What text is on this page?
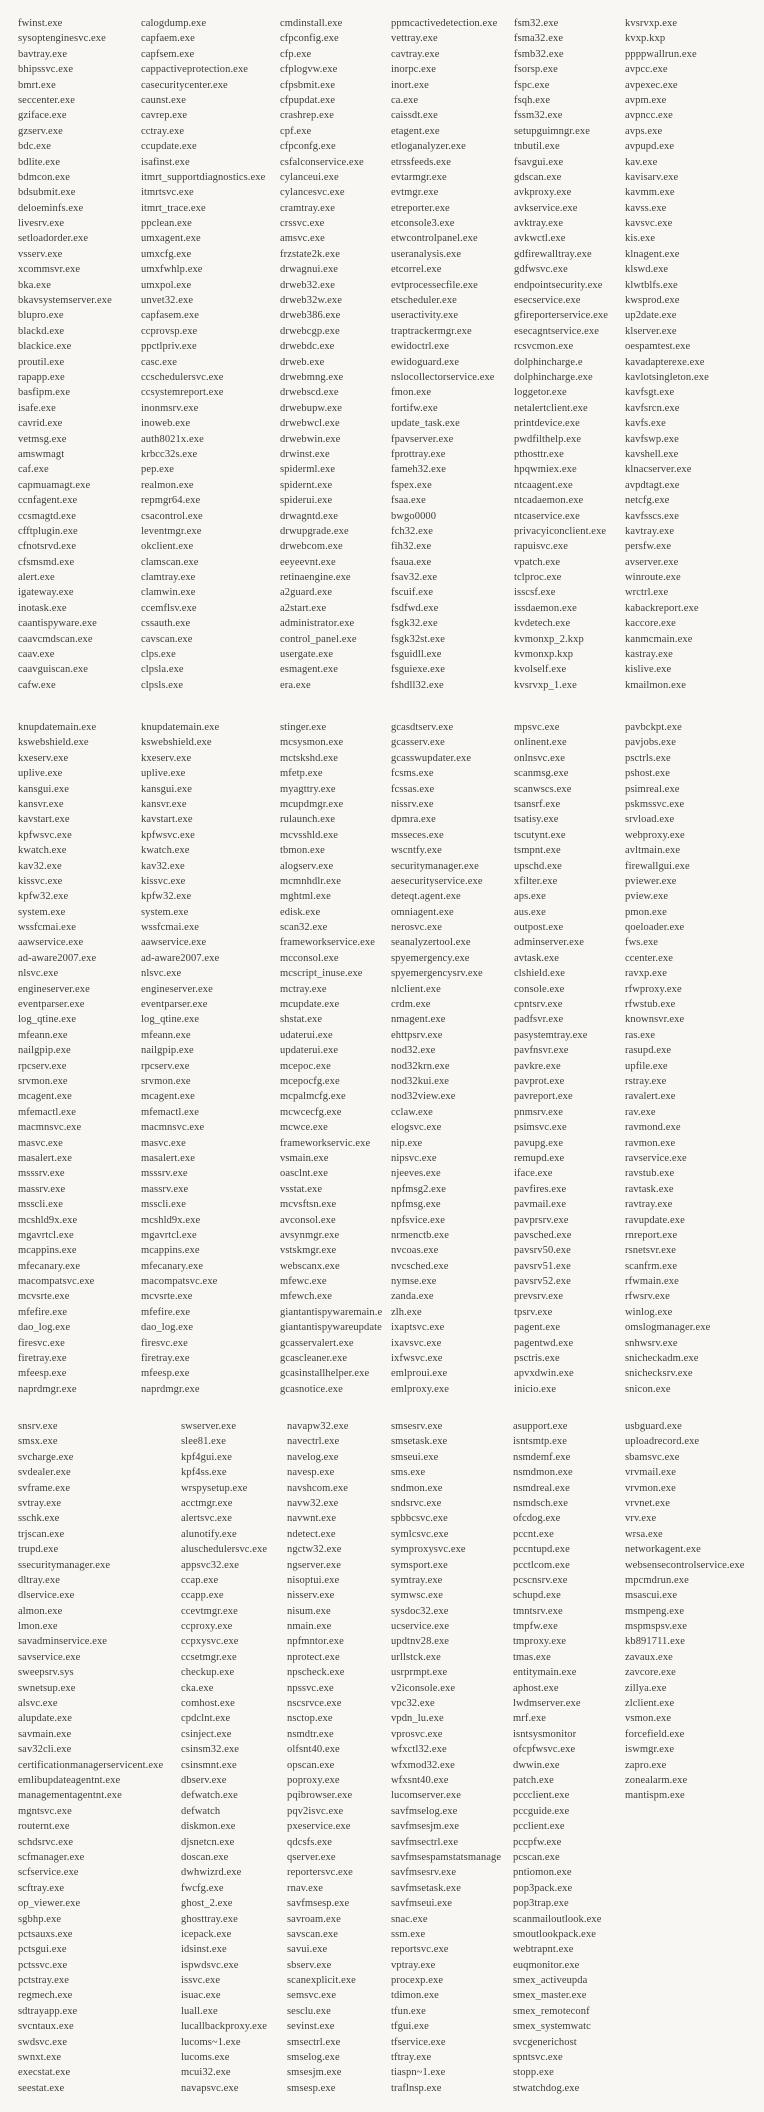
fwinst.exe
sysoptenginesvc.exe
bavtray.exe
bhipssvc.exe
bmrt.exe
seccenter.exe
gziface.exe
gzserv.exe
bdc.exe
bdlite.exe
bdmcon.exe
bdsubmit.exe
deloeminfs.exe
livesrv.exe
setloadorder.exe
vsserv.exe
xcommsvr.exe
bka.exe
bkavsystemserver.exe
blupro.exe
blackd.exe
blackice.exe
proutil.exe
rapapp.exe
basfipm.exe
isafe.exe
cavrid.exe
vetmsg.exe
amswmagt
caf.exe
capmuamagt.exe
ccnfagent.exe
ccsmagtd.exe
cfftplugin.exe
cfnotsrvd.exe
cfsmsmd.exe
alert.exe
igateway.exe
inotask.exe
caantispyware.exe
caavcmdscan.exe
caav.exe
caavguiscan.exe
cafw.exe
calogdump.exe
capfaem.exe
capfsem.exe
cappactiveprotection.exe
casecuritycenter.exe
caunst.exe
cavrep.exe
cctray.exe
ccupdate.exe
isafinst.exe
itmrt_supportdiagnostics.exe
itmrtsvc.exe
itmrt_trace.exe
ppclean.exe
umxagent.exe
umxcfg.exe
umxfwhlp.exe
umxpol.exe
unvet32.exe
capfasem.exe
ccprovsp.exe
ppctlpriv.exe
casc.exe
ccschedulersvc.exe
ccsystemreport.exe
inonmsrv.exe
inoweb.exe
auth8021x.exe
krbcc32s.exe
pep.exe
realmon.exe
repmgr64.exe
csacontrol.exe
leventmgr.exe
okclient.exe
clamscan.exe
clamtray.exe
clamwin.exe
ccemflsv.exe
cssauth.exe
cavscan.exe
clps.exe
clpsla.exe
clpsls.exe
cmdinstall.exe
cfpconfig.exe
cfp.exe
cfplogvw.exe
cfpsbmit.exe
cfpupdat.exe
crashrep.exe
cpf.exe
cfpconfg.exe
csfalconservice.exe
cylanceui.exe
cylancesvc.exe
cramtray.exe
crssvc.exe
amsvc.exe
frzstate2k.exe
drwagnui.exe
drweb32.exe
drweb32w.exe
drweb386.exe
drwebcgp.exe
drwebdc.exe
drweb.exe
drwebmng.exe
drwebscd.exe
drwebupw.exe
drwebwcl.exe
drwebwin.exe
drwinst.exe
spiderml.exe
spidernt.exe
spiderui.exe
drwagntd.exe
drwupgrade.exe
drwebcom.exe
eeyeevnt.exe
retinaengine.exe
a2guard.exe
a2start.exe
administrator.exe
control_panel.exe
usergate.exe
esmagent.exe
era.exe
ppmcactivedetection.exe
vettray.exe
cavtray.exe
inorpc.exe
inort.exe
ca.exe
caissdt.exe
etagent.exe
etloganalyzer.exe
etrssfeeds.exe
evtarmgr.exe
evtmgr.exe
etreporter.exe
etconsole3.exe
etwcontrolpanel.exe
useranalysis.exe
etcorrel.exe
evtprocessecfile.exe
etscheduler.exe
useractivity.exe
traptrackermgr.exe
ewidoctrl.exe
ewidoguard.exe
nslocollectorservice.exe
fmon.exe
fortifw.exe
update_task.exe
fpavserver.exe
fprottray.exe
fameh32.exe
fspex.exe
fsaa.exe
bwgo0000
fch32.exe
fih32.exe
fsaua.exe
fsav32.exe
fscuif.exe
fsdfwd.exe
fsgk32.exe
fsgk32st.exe
fsguidll.exe
fsguiexe.exe
fshdll32.exe
fsm32.exe
fsma32.exe
fsmb32.exe
fsorsp.exe
fspc.exe
fsqh.exe
fssm32.exe
setupguimngr.exe
tnbutil.exe
fsavgui.exe
gdscan.exe
avkproxy.exe
avkservice.exe
avktray.exe
avkwctl.exe
gdfirewalltray.exe
gdfwsvc.exe
endpointsecurity.exe
esecservice.exe
gfireporterservice.exe
esecagntservice.exe
rcsvcmon.exe
dolphincharge.e
dolphincharge.exe
loggetor.exe
netalertclient.exe
printdevice.exe
pwdfilthelp.exe
pthosttr.exe
hpqwmiex.exe
ntcaagent.exe
ntcadaemon.exe
ntcaservice.exe
privacyiconclient.exe
rapuisvc.exe
vpatch.exe
tclproc.exe
isscsf.exe
issdaemon.exe
kvdetech.exe
kvmonxp_2.kxp
kvmonxp.kxp
kvolself.exe
kvsrvxp_1.exe
kvsrvxp.exe
kvxp.kxp
ppppwallrun.exe
avpcc.exe
avpexec.exe
avpm.exe
avpncc.exe
avps.exe
avpupd.exe
kav.exe
kavisarv.exe
kavmm.exe
kavss.exe
kavsvc.exe
kis.exe
klnagent.exe
klswd.exe
klwtblfs.exe
kwsprod.exe
up2date.exe
klserver.exe
oespamtest.exe
kavadapterexe.exe
kavlotsingleton.exe
kavfsgt.exe
kavfsrcn.exe
kavfs.exe
kavfswp.exe
kavshell.exe
klnacserver.exe
avpdtagt.exe
netcfg.exe
kavfsscs.exe
kavtray.exe
persfw.exe
avserver.exe
winroute.exe
wrctrl.exe
kabackreport.exe
kaccore.exe
kanmcmain.exe
kastray.exe
kislive.exe
kmailmon.exe
knupdatemain.exe
kswebshield.exe
kxeserv.exe
uplive.exe
kansgui.exe
kansvr.exe
kavstart.exe
kpfwsvc.exe
kwatch.exe
kav32.exe
kissvc.exe
kpfw32.exe
system.exe
wssfcmai.exe
aawservice.exe
ad-aware2007.exe
nlsvc.exe
engineserver.exe
eventparser.exe
log_qtine.exe
mfeann.exe
nailgpip.exe
rpcserv.exe
srvmon.exe
mcagent.exe
mfemactl.exe
macmnsvc.exe
masvc.exe
masalert.exe
msssrv.exe
massrv.exe
msscli.exe
mcshld9x.exe
mgavrtcl.exe
mcappins.exe
mfecanary.exe
macompatsvc.exe
mcvsrte.exe
mfefire.exe
dao_log.exe
firesvc.exe
firetray.exe
mfeesp.exe
naprdmgr.exe
knupdatemain.exe
kswebshield.exe
kxeserv.exe
uplive.exe
kansgui.exe
kansvr.exe
kavstart.exe
kpfwsvc.exe
kwatch.exe
kav32.exe
kissvc.exe
kpfw32.exe
system.exe
wssfcmai.exe
aawservice.exe
ad-aware2007.exe
nlsvc.exe
engineserver.exe
eventparser.exe
log_qtine.exe
mfeann.exe
nailgpip.exe
rpcserv.exe
srvmon.exe
mcagent.exe
mfemactl.exe
macmnsvc.exe
masvc.exe
masalert.exe
msssrv.exe
massrv.exe
msscli.exe
mcshld9x.exe
mgavrtcl.exe
mcappins.exe
mfecanary.exe
macompatsvc.exe
mcvsrte.exe
mfefire.exe
dao_log.exe
firesvc.exe
firetray.exe
mfeesp.exe
naprdmgr.exe
stinger.exe
mcsysmon.exe
mctskshd.exe
mfetp.exe
myagttry.exe
mcupdmgr.exe
rulaunch.exe
mcvsshld.exe
tbmon.exe
alogserv.exe
mcmnhdlr.exe
mghtml.exe
edisk.exe
scan32.exe
frameworkservice.exe
mcconsol.exe
mcscript_inuse.exe
mctray.exe
mcupdate.exe
shstat.exe
udaterui.exe
updaterui.exe
mcepoc.exe
mcepocfg.exe
mcpalmcfg.exe
mcwcecfg.exe
mcwce.exe
frameworkservic.exe
vsmain.exe
oasclnt.exe
vsstat.exe
mcvsftsn.exe
avconsol.exe
avsynmgr.exe
vstskmgr.exe
webscanx.exe
mfewc.exe
mfewch.exe
giantantispywaremain.e
giantantispywareupdate
gcasservalert.exe
gcascleaner.exe
gcasinstallhelper.exe
gcasnotice.exe
gcasdtserv.exe
gcasserv.exe
gcasswupdater.exe
fcsms.exe
fcssas.exe
nissrv.exe
dpmra.exe
msseces.exe
wscntfy.exe
securitymanager.exe
aesecurityservice.exe
deteqt.agent.exe
omniagent.exe
nerosvc.exe
seanalyzertool.exe
spyemergency.exe
spyemergencysrv.exe
nlclient.exe
crdm.exe
nmagent.exe
ehttpsrv.exe
nod32.exe
nod32krn.exe
nod32kui.exe
nod32view.exe
cclaw.exe
elogsvc.exe
nip.exe
nipsvc.exe
njeeves.exe
npfmsg2.exe
npfmsg.exe
npfsvice.exe
nrmenctb.exe
nvcoas.exe
nvcsched.exe
nymse.exe
zanda.exe
zlh.exe
ixaptsvc.exe
ixavsvc.exe
ixfwsvc.exe
emlproui.exe
emlproxy.exe
mpsvc.exe
onlinent.exe
onlnsvc.exe
scanmsg.exe
scanwscs.exe
tsansrf.exe
tsatisy.exe
tscutynt.exe
tsmpnt.exe
upschd.exe
xfilter.exe
aps.exe
aus.exe
outpost.exe
adminserver.exe
avtask.exe
clshield.exe
console.exe
cpntsrv.exe
padfsvr.exe
pasystemtray.exe
pavfnsvr.exe
pavkre.exe
pavprot.exe
pavreport.exe
pnmsrv.exe
psimsvc.exe
pavupg.exe
remupd.exe
iface.exe
pavfires.exe
pavmail.exe
pavprsrv.exe
pavsched.exe
pavsrv50.exe
pavsrv51.exe
pavsrv52.exe
prevsrv.exe
tpsrv.exe
pagent.exe
pagentwd.exe
psctris.exe
apvxdwin.exe
inicio.exe
pavbckpt.exe
pavjobs.exe
psctrls.exe
pshost.exe
psimreal.exe
pskmssvc.exe
srvload.exe
webproxy.exe
avltmain.exe
firewallgui.exe
pviewer.exe
pview.exe
pmon.exe
qoeloader.exe
fws.exe
ccenter.exe
ravxp.exe
rfwproxy.exe
rfwstub.exe
knownsvr.exe
ras.exe
rasupd.exe
upfile.exe
rstray.exe
ravalert.exe
rav.exe
ravmond.exe
ravmon.exe
ravservice.exe
ravstub.exe
ravtask.exe
ravtray.exe
ravupdate.exe
rnreport.exe
rsnetsvr.exe
scanfrm.exe
rfwmain.exe
rfwsrv.exe
winlog.exe
omslogmanager.exe
snhwsrv.exe
snicheckadm.exe
snichecksrv.exe
snicon.exe
snsrv.exe
smsx.exe
svcharge.exe
svdealer.exe
svframe.exe
svtray.exe
sschk.exe
trjscan.exe
trupd.exe
ssecuritymanager.exe
dltray.exe
dlservice.exe
almon.exe
lmon.exe
savadminservice.exe
savservice.exe
sweepsrv.sys
swnetsup.exe
alsvc.exe
alupdate.exe
savmain.exe
sav32cli.exe
certificationmanagerservicent.exe
emlibupdateagentnt.exe
managementagentnt.exe
mgntsvc.exe
routernt.exe
schdsrvc.exe
scfmanager.exe
scfservice.exe
scftray.exe
op_viewer.exe
sgbhp.exe
pctsauxs.exe
pctsgui.exe
pctssvc.exe
pctstray.exe
regmech.exe
sdtrayapp.exe
svcntaux.exe
swdsvc.exe
swnxt.exe
execstat.exe
seestat.exe
swserver.exe
slee81.exe
kpf4gui.exe
kpf4ss.exe
wrspysetup.exe
acctmgr.exe
alertsvc.exe
alunotify.exe
aluschedulersvc.exe
appsvc32.exe
ccap.exe
ccapp.exe
ccevtmgr.exe
ccproxy.exe
ccpxysvc.exe
ccsetmgr.exe
checkup.exe
cka.exe
comhost.exe
cpdclnt.exe
csinject.exe
csinsm32.exe
csinsmnt.exe
dbserv.exe
defwatch.exe
defwatch
diskmon.exe
djsnetcn.exe
doscan.exe
dwhwizrd.exe
fwcfg.exe
ghost_2.exe
ghosttray.exe
icepack.exe
idsinst.exe
ispwdsvc.exe
issvc.exe
isuac.exe
luall.exe
lucallbackproxy.exe
lucoms~1.exe
lucoms.exe
mcui32.exe
navapsvc.exe
navapw32.exe
navectrl.exe
navelog.exe
navesp.exe
navshcom.exe
navw32.exe
navwnt.exe
ndetect.exe
ngctw32.exe
ngserver.exe
nisoptui.exe
nisserv.exe
nisum.exe
nmain.exe
npfmntor.exe
nprotect.exe
npscheck.exe
npssvc.exe
nscsrvce.exe
nsctop.exe
nsmdtr.exe
olfsnt40.exe
opscan.exe
poproxy.exe
pqibrowser.exe
pqv2isvc.exe
pxeservice.exe
qdcsfs.exe
qserver.exe
reportersvc.exe
rnav.exe
savfmsesp.exe
savroam.exe
savscan.exe
savui.exe
sbserv.exe
scanexplicit.exe
semsvc.exe
sesclu.exe
sevinst.exe
smsectrl.exe
smselog.exe
smsesjm.exe
smsesp.exe
smsesrv.exe
smsetask.exe
smseui.exe
sms.exe
sndmon.exe
sndsrvc.exe
spbbcsvc.exe
symlcsvc.exe
symproxysvc.exe
symsport.exe
symtray.exe
symwsc.exe
sysdoc32.exe
ucservice.exe
updtnv28.exe
urllstck.exe
usrprmpt.exe
v2iconsole.exe
vpc32.exe
vpdn_lu.exe
vprosvc.exe
wfxctl32.exe
wfxmod32.exe
wfxsnt40.exe
lucomserver.exe
savfmselog.exe
savfmsesjm.exe
savfmsectrl.exe
savfmsespamstatsmanage
savfmsesrv.exe
savfmsetask.exe
savfmseui.exe
snac.exe
ssm.exe
reportsvc.exe
vptray.exe
procexp.exe
tdimon.exe
tfun.exe
tfgui.exe
tfservice.exe
tftray.exe
tiaspn~1.exe
traflnsp.exe
asupport.exe
isntsmtp.exe
nsmdemf.exe
nsmdmon.exe
nsmdreal.exe
nsmdsch.exe
ofcdog.exe
pccnt.exe
pccntupd.exe
pcctlcom.exe
pcscnsrv.exe
schupd.exe
tmntsrv.exe
tmpfw.exe
tmproxy.exe
tmas.exe
entitymain.exe
aphost.exe
lwdmserver.exe
mrf.exe
isntsysmonitor
ofcpfwsvc.exe
dwwin.exe
patch.exe
pccclient.exe
pccguide.exe
pcclient.exe
pccpfw.exe
pcscan.exe
pntiomon.exe
pop3pack.exe
pop3trap.exe
scanmailoutlook.exe
smoutlookpack.exe
webtrapnt.exe
euqmonitor.exe
smex_activeupda
smex_master.exe
smex_remoteconf
smex_systemwatc
svcgenerichost
spntsvc.exe
stopp.exe
stwatchdog.exe
usbguard.exe
uploadrecord.exe
sbamsvc.exe
vrvmail.exe
vrvmon.exe
vrvnet.exe
vrv.exe
wrsa.exe
networkagent.exe
websensecontrolservice.exe
mpcmdrun.exe
msascui.exe
msmpeng.exe
mspmspsv.exe
kb891711.exe
zavaux.exe
zavcore.exe
zillya.exe
zlclient.exe
vsmon.exe
forcefield.exe
iswmgr.exe
zapro.exe
zonealarm.exe
mantispm.exe
